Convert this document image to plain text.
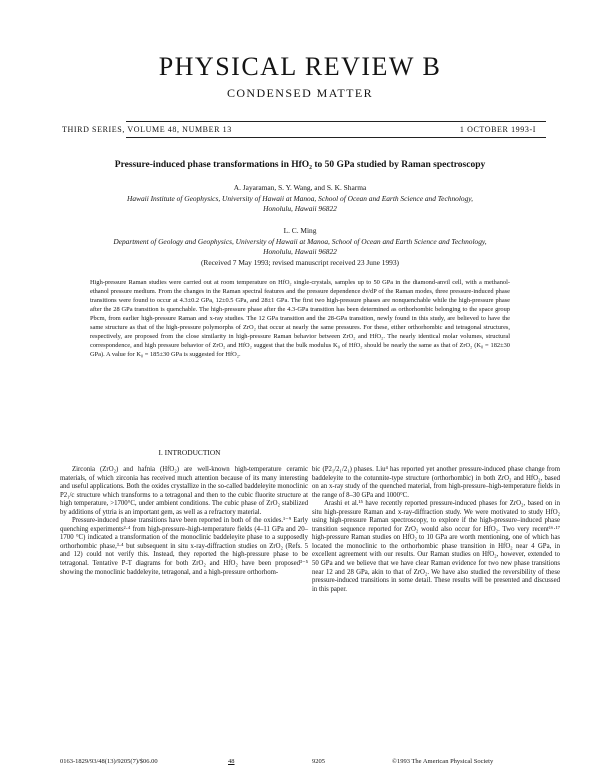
PHYSICAL REVIEW B
CONDENSED MATTER
THIRD SERIES, VOLUME 48, NUMBER 13	1 OCTOBER 1993-I
Pressure-induced phase transformations in HfO₂ to 50 GPa studied by Raman spectroscopy
A. Jayaraman, S. Y. Wang, and S. K. Sharma
Hawaii Institute of Geophysics, University of Hawaii at Manoa, School of Ocean and Earth Science and Technology,
Honolulu, Hawaii 96822
L. C. Ming
Department of Geology and Geophysics, University of Hawaii at Manoa, School of Ocean and Earth Science and Technology,
Honolulu, Hawaii 96822
(Received 7 May 1993; revised manuscript received 23 June 1993)
High-pressure Raman studies were carried out at room temperature on HfO₂ single-crystals, samples up to 50 GPa in the diamond-anvil cell, with a methanol-ethanol pressure medium. From the changes in the Raman spectral features and the pressure dependence dν/dP of the Raman modes, three pressure-induced phase transitions were found to occur at 4.3±0.2 GPa, 12±0.5 GPa, and 28±1 GPa. The first two high-pressure phases are nonquenchable while the high-pressure phase after the 28 GPa transition is quenchable. The high-pressure phase after the 4.3-GPa transition has been determined as orthorhombic belonging to the space group Pbcm, from earlier high-pressure Raman and x-ray studies. The 12 GPa transition and the 28-GPa transition, newly found in this study, are believed to have the same structure as that of the high-pressure polymorphs of ZrO₂ that occur at nearly the same pressures. For these, either orthorhombic and tetragonal structures, respectively, are proposed from the close similarity in high-pressure Raman behavior between ZrO₂ and HfO₂. The nearly identical molar volumes, structural correspondence, and high pressure behavior of ZrO₂ and HfO₂ suggest that the bulk modulus K₀ of HfO₂ should be nearly the same as that of ZrO₂ (K₀ = 182±30 GPa). A value for K₀ = 185±30 GPa is suggested for HfO₂.
I. INTRODUCTION

Zirconia (ZrO₂) and hafnia (HfO₂) are well-known high-temperature ceramic materials, of which zirconia has received much attention because of its many interesting and useful applications. Both the oxides crystallize in the so-called baddeleyite monoclinic P2₁/c structure which transforms to a tetragonal and then to the cubic fluorite structure at high temperature, >1700°C, under ambient conditions. The cubic phase of ZrO₂ stabilized by additions of yttria is an important gem, as well as a refractory material.

Pressure-induced phase transitions have been reported in both of the oxides.¹⁻⁹ Early quenching experiments²·⁴ from high-pressure–high-temperature fields (4–11 GPa and 20–1700 °C) indicated a transformation of the monoclinic baddeleyite phase to a supposedly orthorhombic phase,³·⁴ but subsequent in situ x-ray-diffraction studies on ZrO₂ (Refs. 5 and 12) could not verify this. Instead, they reported the high-pressure phase to be tetragonal. Tentative P-T diagrams for both ZrO₂ and HfO₂ have been proposed³⁻⁵ showing the monoclinic baddeleyite, tetragonal, and a high-pressure orthorhom-

bic (P2₁/2₁/2₁) phases. Liu⁴ has reported yet another pressure-induced phase change from baddeleyite to the cotunnite-type structure (orthorhombic) in both ZrO₂ and HfO₂, based on an x-ray study of the quenched material, from high-pressure–high-temperature fields in the range of 8–30 GPa and 1000°C.

Arashi et al.¹⁵ have recently reported pressure-induced phases for ZrO₂, based on in situ high-pressure Raman and x-ray-diffraction study. We were motivated to study HfO₂ using high-pressure Raman spectroscopy, to explore if the high-pressure–induced phase transition sequence reported for ZrO₂ would also occur for HfO₂. Two very recent¹⁶·¹⁷ high-pressure Raman studies on HfO₂ to 10 GPa are worth mentioning, one of which has located the monoclinic to the orthorhombic phase transition in HfO₂ near 4 GPa, in excellent agreement with our results. Our Raman studies on HfO₂, however, extended to 50 GPa and we believe that we have clear Raman evidence for two new phase transitions near 12 and 28 GPa, akin to that of ZrO₂. We have also studied the reversibility of these pressure-induced transitions in some detail. These results will be presented and discussed in this paper.

0163-1829/93/48(13)/9205(7)/$06.00	48	9205	©1993 The American Physical Society
